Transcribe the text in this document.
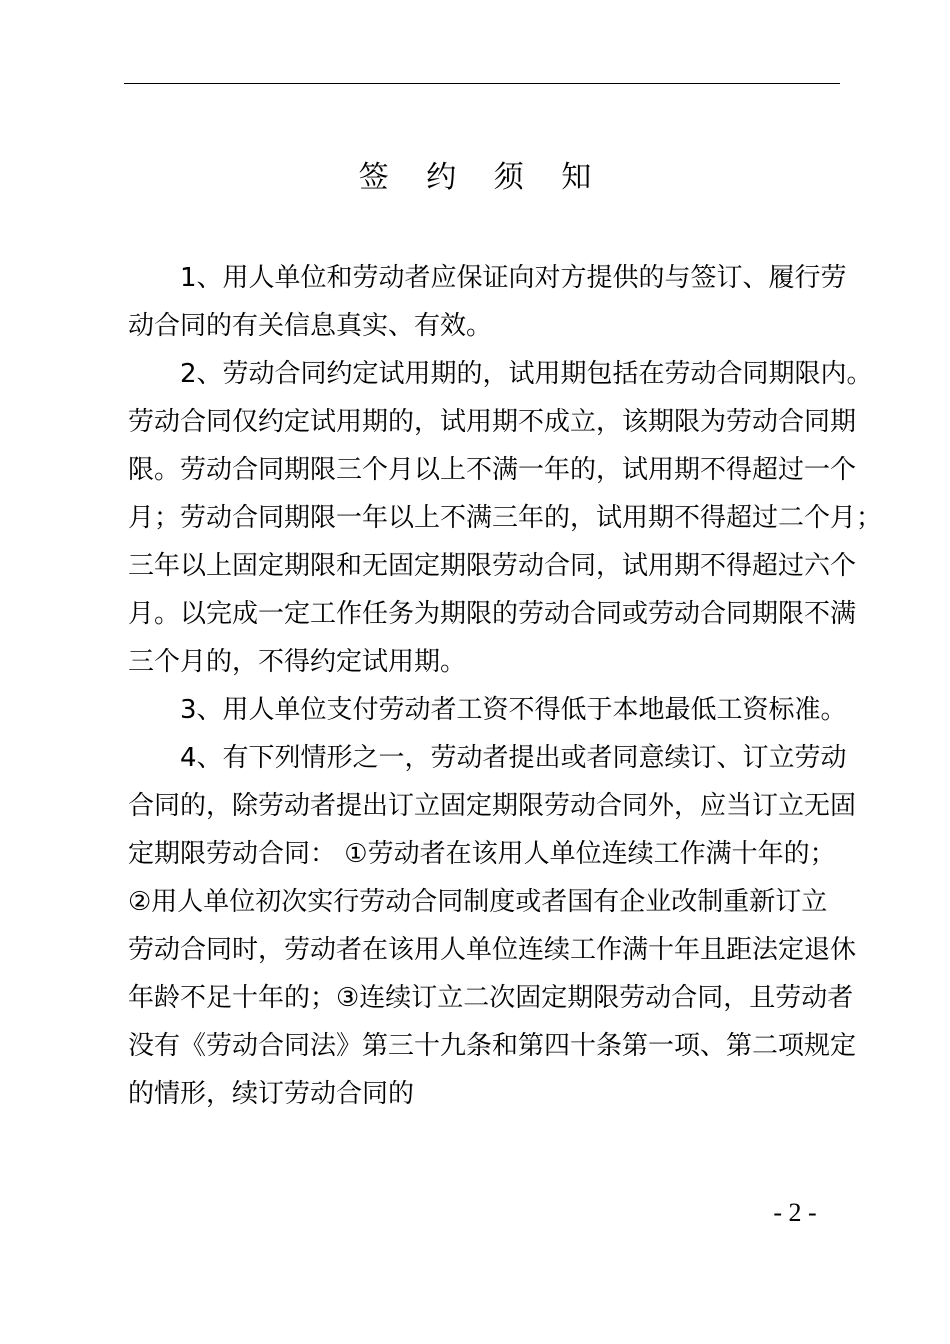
签 约 须 知
1、用人单位和劳动者应保证向对方提供的与签订、履行劳
动合同的有关信息真实、有效。
2、劳动合同约定试用期的，试用期包括在劳动合同期限内。
劳动合同仅约定试用期的，试用期不成立，该期限为劳动合同期
限。劳动合同期限三个月以上不满一年的，试用期不得超过一个
月；劳动合同期限一年以上不满三年的，试用期不得超过二个月；
三年以上固定期限和无固定期限劳动合同，试用期不得超过六个
月。以完成一定工作任务为期限的劳动合同或劳动合同期限不满
三个月的，不得约定试用期。
3、用人单位支付劳动者工资不得低于本地最低工资标准。
4、有下列情形之一，劳动者提出或者同意续订、订立劳动
合同的，除劳动者提出订立固定期限劳动合同外，应当订立无固
定期限劳动合同： ①劳动者在该用人单位连续工作满十年的；
②用人单位初次实行劳动合同制度或者国有企业改制重新订立
劳动合同时，劳动者在该用人单位连续工作满十年且距法定退休
年龄不足十年的；③连续订立二次固定期限劳动合同，且劳动者
没有《劳动合同法》第三十九条和第四十条第一项、第二项规定
的情形，续订劳动合同的
- 2 -
